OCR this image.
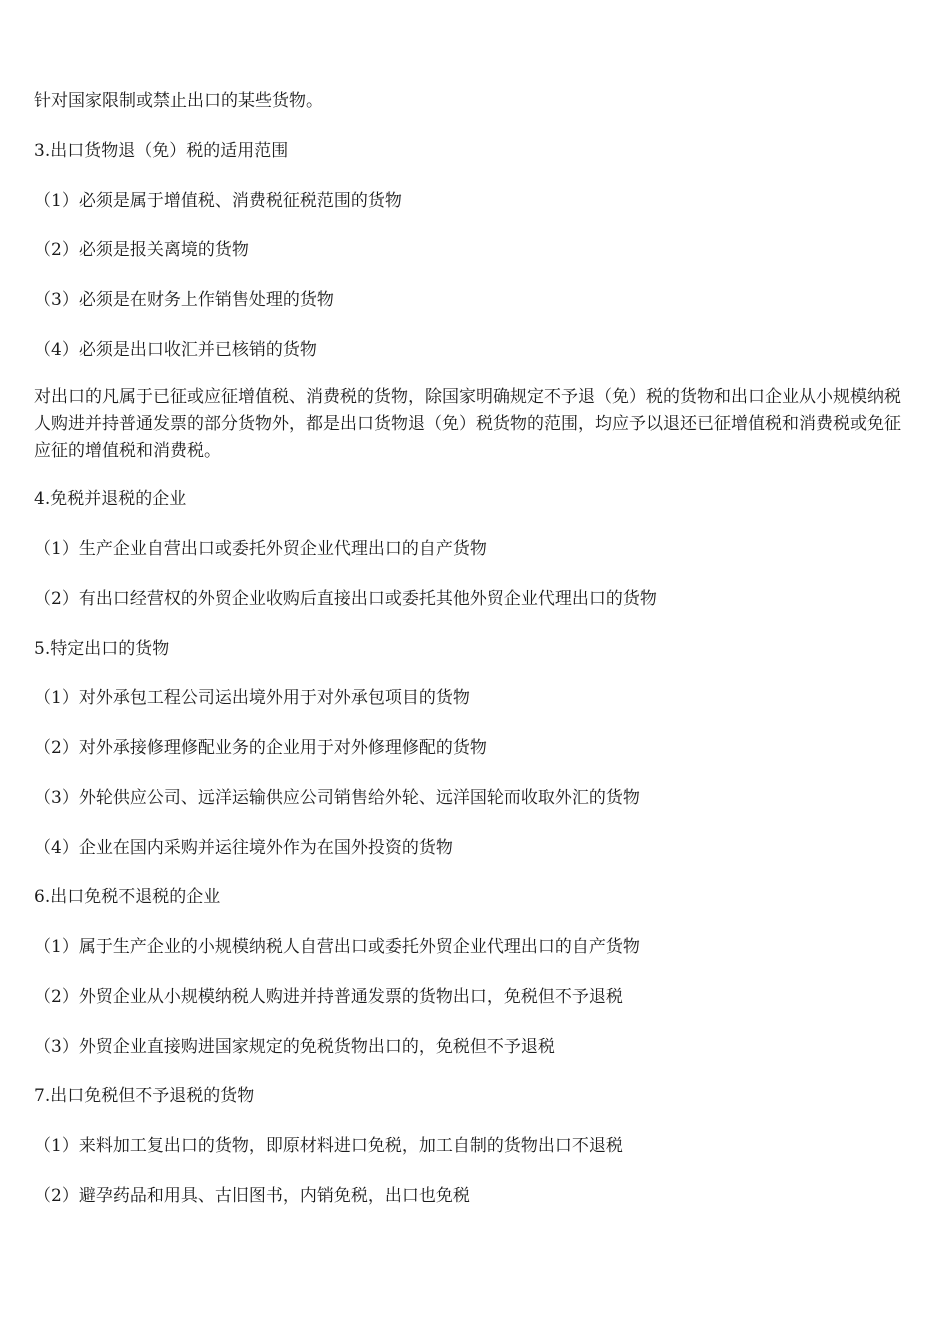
针对国家限制或禁止出口的某些货物。
3.出口货物退（免）税的适用范围
（1）必须是属于增值税、消费税征税范围的货物
（2）必须是报关离境的货物
（3）必须是在财务上作销售处理的货物
（4）必须是出口收汇并已核销的货物
对出口的凡属于已征或应征增值税、消费税的货物，除国家明确规定不予退（免）税的货物和出口企业从小规模纳税人购进并持普通发票的部分货物外，都是出口货物退（免）税货物的范围，均应予以退还已征增值税和消费税或免征应征的增值税和消费税。
4.免税并退税的企业
（1）生产企业自营出口或委托外贸企业代理出口的自产货物
（2）有出口经营权的外贸企业收购后直接出口或委托其他外贸企业代理出口的货物
5.特定出口的货物
（1）对外承包工程公司运出境外用于对外承包项目的货物
（2）对外承接修理修配业务的企业用于对外修理修配的货物
（3）外轮供应公司、远洋运输供应公司销售给外轮、远洋国轮而收取外汇的货物
（4）企业在国内采购并运往境外作为在国外投资的货物
6.出口免税不退税的企业
（1）属于生产企业的小规模纳税人自营出口或委托外贸企业代理出口的自产货物
（2）外贸企业从小规模纳税人购进并持普通发票的货物出口，免税但不予退税
（3）外贸企业直接购进国家规定的免税货物出口的，免税但不予退税
7.出口免税但不予退税的货物
（1）来料加工复出口的货物，即原材料进口免税，加工自制的货物出口不退税
（2）避孕药品和用具、古旧图书，内销免税，出口也免税
